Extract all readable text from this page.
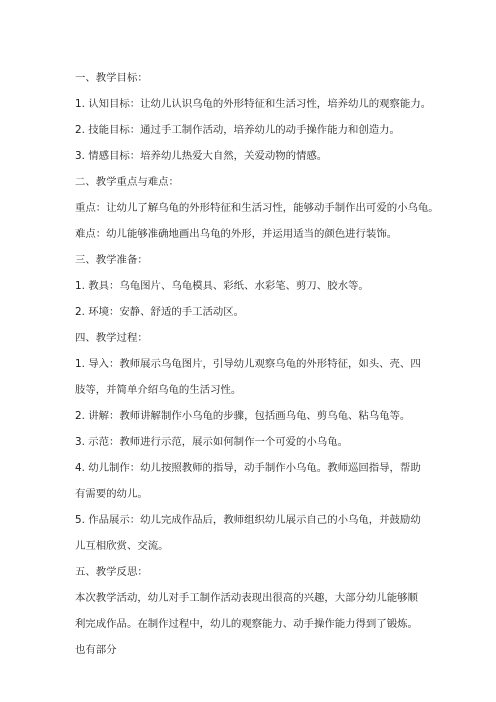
一、教学目标：

1. 认知目标：让幼儿认识乌龟的外形特征和生活习性，培养幼儿的观察能力。

2. 技能目标：通过手工制作活动，培养幼儿的动手操作能力和创造力。

3. 情感目标：培养幼儿热爱大自然，关爱动物的情感。

二、教学重点与难点：

重点：让幼儿了解乌龟的外形特征和生活习性，能够动手制作出可爱的小乌龟。

难点：幼儿能够准确地画出乌龟的外形，并运用适当的颜色进行装饰。

三、教学准备：

1. 教具：乌龟图片、乌龟模具、彩纸、水彩笔、剪刀、胶水等。

2. 环境：安静、舒适的手工活动区。

四、教学过程：

1. 导入：教师展示乌龟图片，引导幼儿观察乌龟的外形特征，如头、壳、四肢等，并简单介绍乌龟的生活习性。

2. 讲解：教师讲解制作小乌龟的步骤，包括画乌龟、剪乌龟、粘乌龟等。

3. 示范：教师进行示范，展示如何制作一个可爱的小乌龟。

4. 幼儿制作：幼儿按照教师的指导，动手制作小乌龟。教师巡回指导，帮助有需要的幼儿。

5. 作品展示：幼儿完成作品后，教师组织幼儿展示自己的小乌龟，并鼓励幼儿互相欣赏、交流。

五、教学反思：

本次教学活动，幼儿对手工制作活动表现出很高的兴趣，大部分幼儿能够顺利完成作品。在制作过程中，幼儿的观察能力、动手操作能力得到了锻炼。也有部分
